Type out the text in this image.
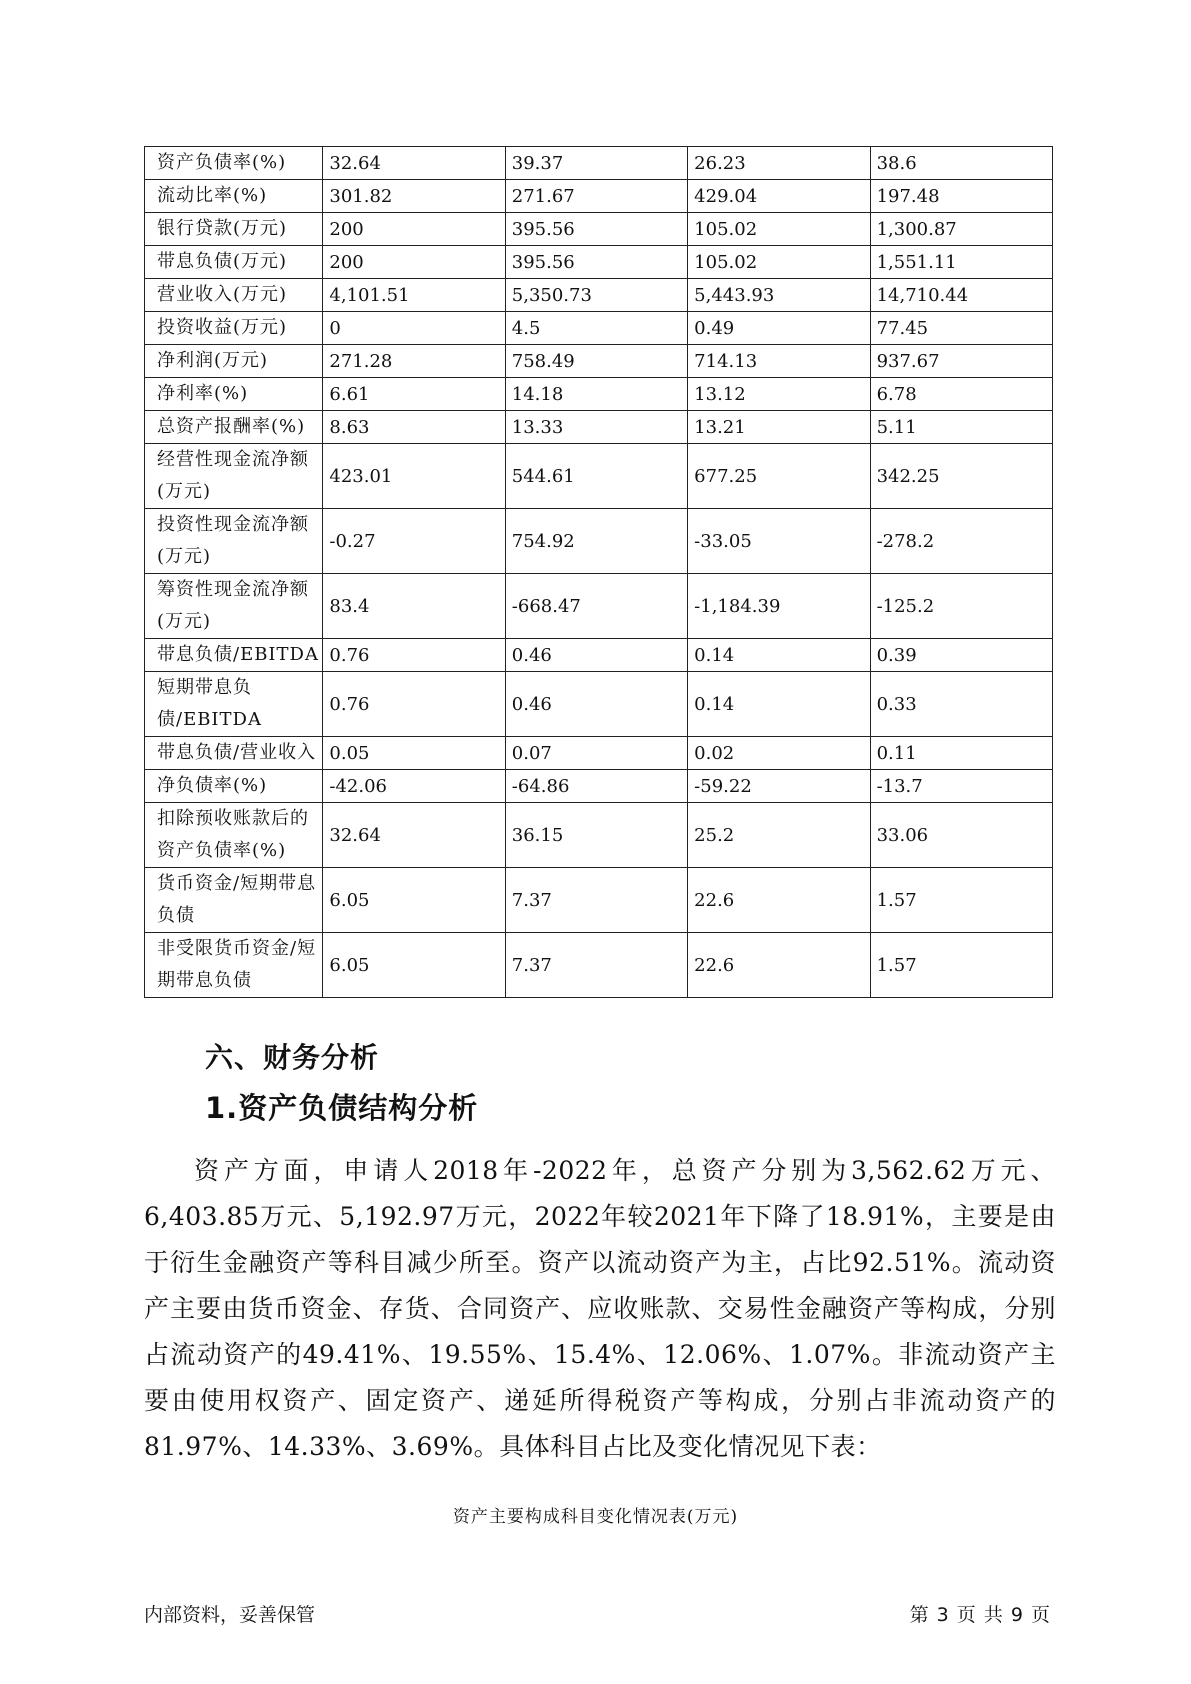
资产负债率(%)	32.64	39.37	26.23	38.6
流动比率(%)	301.82	271.67	429.04	197.48
银行贷款(万元)	200	395.56	105.02	1,300.87
带息负债(万元)	200	395.56	105.02	1,551.11
营业收入(万元)	4,101.51	5,350.73	5,443.93	14,710.44
投资收益(万元)	0	4.5	0.49	77.45
净利润(万元)	271.28	758.49	714.13	937.67
净利率(%)	6.61	14.18	13.12	6.78
总资产报酬率(%)	8.63	13.33	13.21	5.11
经营性现金流净额(万元)	423.01	544.61	677.25	342.25
投资性现金流净额(万元)	-0.27	754.92	-33.05	-278.2
筹资性现金流净额(万元)	83.4	-668.47	-1,184.39	-125.2
带息负债/EBITDA	0.76	0.46	0.14	0.39
短期带息负债/EBITDA	0.76	0.46	0.14	0.33
带息负债/营业收入	0.05	0.07	0.02	0.11
净负债率(%)	-42.06	-64.86	-59.22	-13.7
扣除预收账款后的资产负债率(%)	32.64	36.15	25.2	33.06
货币资金/短期带息负债	6.05	7.37	22.6	1.57
非受限货币资金/短期带息负债	6.05	7.37	22.6	1.57
六、财务分析
1.资产负债结构分析
资产方面，申请人2018年-2022年，总资产分别为3,562.62万元、6,403.85万元、5,192.97万元，2022年较2021年下降了18.91%，主要是由于衍生金融资产等科目减少所至。资产以流动资产为主，占比92.51%。流动资产主要由货币资金、存货、合同资产、应收账款、交易性金融资产等构成，分别占流动资产的49.41%、19.55%、15.4%、12.06%、1.07%。非流动资产主要由使用权资产、固定资产、递延所得税资产等构成，分别占非流动资产的81.97%、14.33%、3.69%。具体科目占比及变化情况见下表：
资产主要构成科目变化情况表(万元)
内部资料，妥善保管	第 3 页 共 9 页
